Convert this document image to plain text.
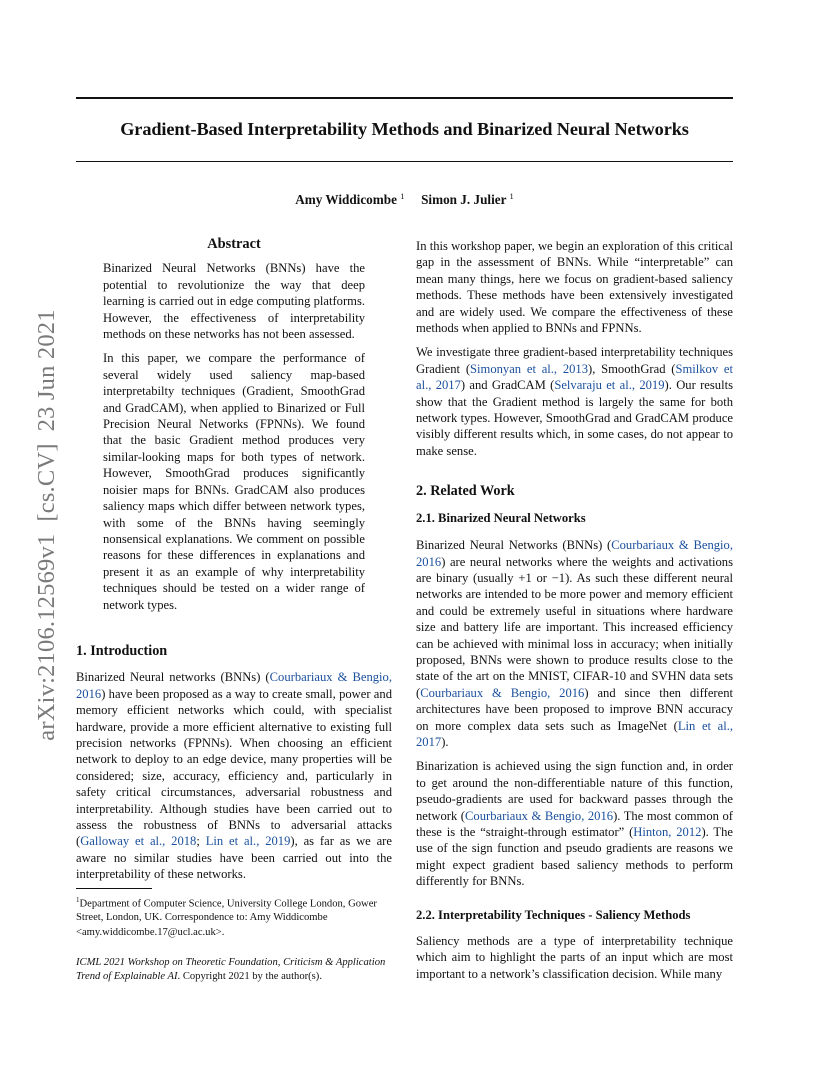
Gradient-Based Interpretability Methods and Binarized Neural Networks
Amy Widdicombe $^1$ Simon J. Julier $^1$
arXiv:2106.12569v1[cs.CV]23 Jun 2021
Abstract

Binarized Neural Networks (BNNs) have the potential to revolutionize the way that deep learning is carried out in edge computing platforms. However, the effectiveness of interpretability methods on these networks has not been assessed.

In this paper, we compare the performance of several widely used saliency map-based interpretabilty techniques (Gradient, SmoothGrad and GradCAM), when applied to Binarized or Full Precision Neural Networks (FPNNs). We found that the basic Gradient method produces very similar-looking maps for both types of network. However, SmoothGrad produces significantly noisier maps for BNNs. GradCAM also produces saliency maps which differ between network types, with some of the BNNs having seemingly nonsensical explanations. We comment on possible reasons for these differences in explanations and present it as an example of why interpretability techniques should be tested on a wider range of network types.

1. Introduction

Binarized Neural networks (BNNs) (Courbariaux & Bengio, 2016) have been proposed as a way to create small, power and memory efficient networks which could, with specialist hardware, provide a more efficient alternative to existing full precision networks (FPNNs). When choosing an efficient network to deploy to an edge device, many properties will be considered; size, accuracy, efficiency and, particularly in safety critical circumstances, adversarial robustness and interpretability. Although studies have been carried out to assess the robustness of BNNs to adversarial attacks (Galloway et al., 2018; Lin et al., 2019), as far as we are aware no similar studies have been carried out into the interpretability of these networks.

$^1$Department of Computer Science, University College London, Gower Street, London, UK. Correspondence to: Amy Widdicombe <amy.widdicombe.17@ucl.ac.uk>.
ICML 2021 Workshop on Theoretic Foundation, Criticism & Application Trend of Explainable AI. Copyright 2021 by the author(s).

In this workshop paper, we begin an exploration of this critical gap in the assessment of BNNs. While “interpretable” can mean many things, here we focus on gradient-based saliency methods. These methods have been extensively investigated and are widely used. We compare the effectiveness of these methods when applied to BNNs and FPNNs.

We investigate three gradient-based interpretability techniques Gradient (Simonyan et al., 2013), SmoothGrad (Smilkov et al., 2017) and GradCAM (Selvaraju et al., 2019). Our results show that the Gradient method is largely the same for both network types. However, SmoothGrad and GradCAM produce visibly different results which, in some cases, do not appear to make sense.

2. Related Work
2.1. Binarized Neural Networks

Binarized Neural Networks (BNNs) (Courbariaux & Bengio, 2016) are neural networks where the weights and activations are binary (usually +1 or −1). As such these different neural networks are intended to be more power and memory efficient and could be extremely useful in situations where hardware size and battery life are important. This increased efficiency can be achieved with minimal loss in accuracy; when initially proposed, BNNs were shown to produce results close to the state of the art on the MNIST, CIFAR-10 and SVHN data sets (Courbariaux & Bengio, 2016) and since then different architectures have been proposed to improve BNN accuracy on more complex data sets such as ImageNet (Lin et al., 2017).

Binarization is achieved using the sign function and, in order to get around the non-differentiable nature of this function, pseudo-gradients are used for backward passes through the network (Courbariaux & Bengio, 2016). The most common of these is the “straight-through estimator” (Hinton, 2012). The use of the sign function and pseudo gradients are reasons we might expect gradient based saliency methods to perform differently for BNNs.

2.2. Interpretability Techniques - Saliency Methods

Saliency methods are a type of interpretability technique which aim to highlight the parts of an input which are most important to a network’s classification decision. While many
